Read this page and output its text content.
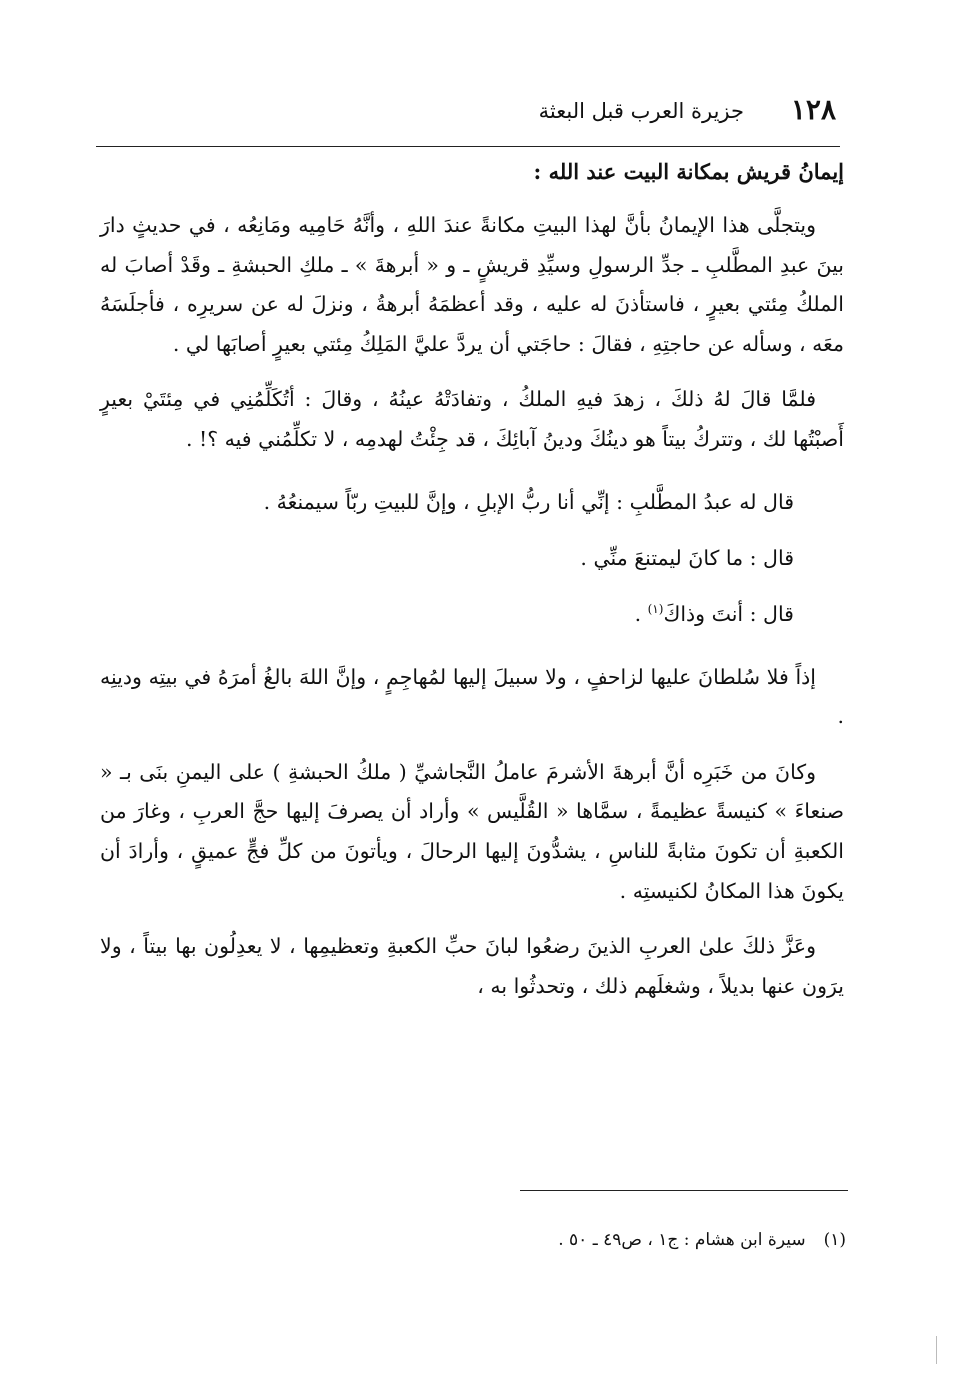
١٢٨
جزيرة العرب قبل البعثة
إيمانُ قريش بمكانة البيت عند الله :

ويتجلَّى هذا الإيمانُ بأنَّ لهذا البيتِ مكانةً عندَ اللهِ ، وأنَّهُ حَامِيه ومَانِعُه ، في حديثٍ دارَ بينَ عبدِ المطَّلبِ ـ جدِّ الرسولِ وسيِّدِ قريشٍ ـ و « أبرهةَ » ـ ملكِ الحبشةِ ـ وقَدْ أصابَ له الملكُ مِئتي بعيرٍ ، فاستأذنَ له عليه ، وقد أعظمَهُ أبرهةُ ، ونزلَ له عن سريرِه ، فأجلَسَهُ معَه ، وسأله عن حاجتِهِ ، فقالَ : حاجَتي أن يردَّ عليَّ المَلِكُ مِئتي بعيرٍ أصابَها لي .

فلمَّا قالَ لهُ ذلكَ ، زهدَ فيهِ الملكُ ، وتفادَتْهُ عينُهُ ، وقالَ : أتُكَلِّمُنِي في مِئتَيْ بعيرٍ أَصبْتُها لك ، وتتركُ بيتاً هو دينُكَ ودينُ آبائِكَ ، قد جِئْتُ لهدمِه ، لا تكلِّمُني فيه ؟! .

قال له عبدُ المطَّلبِ : إنِّي أنا ربُّ الإبلِ ، وإنَّ للبيتِ ربّاً سيمنعُهُ .
قال : ما كانَ ليمتنعَ منِّي .
قال : أنتَ وذاكَ$^{(١)}$ .

إذاً فلا سُلطانَ عليها لزاحفٍ ، ولا سبيلَ إليها لمُهاجِمٍ ، وإنَّ اللهَ بالغُ أمرَهُ في بيتِه ودينِه .

وكانَ من خَبَرِه أنَّ أبرهةَ الأشرمَ عاملُ النَّجاشيِّ ( ملكُ الحبشةِ ) على اليمنِ بنَى بـ « صنعاءَ » كنيسةً عظيمةً ، سمَّاها « القُلَّيس » وأراد أن يصرفَ إليها حجَّ العربِ ، وغارَ من الكعبةِ أن تكونَ مثابةً للناسِ ، يشدُّونَ إليها الرحالَ ، ويأتونَ من كلِّ فجٍّ عميقٍ ، وأرادَ أن يكونَ هذا المكانُ لكنيستِه .

وعَزَّ ذلكَ علىٰ العربِ الذينَ رضعُوا لبانَ حبِّ الكعبةِ وتعظيمِها ، لا يعدِلُون بها بيتاً ، ولا يرَون عنها بديلاً ، وشغلَهم ذلك ، وتحدثُوا به ،

(١)سيرة ابن هشام : ج١ ، ص٤٩ ـ ٥٠ .
